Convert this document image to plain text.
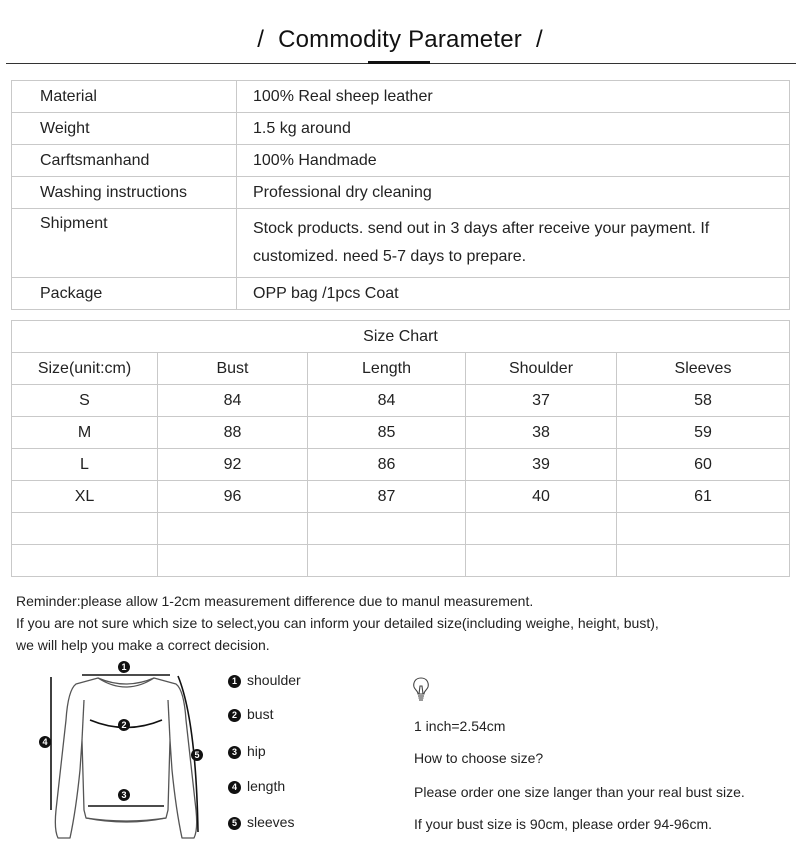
/ Commodity Parameter /
Material	100% Real sheep leather
Weight	1.5 kg around
Carftsmanhand	100% Handmade
Washing instructions	Professional dry cleaning
Shipment	Stock products. send out in 3 days after receive your payment. If
customized. need 5-7 days to prepare.

Package	OPP bag /1pcs Coat
Size Chart				
Size(unit:cm)	Bust	Length	Shoulder	Sleeves
S	84	84	37	58
M	88	85	38	59
L	92	86	39	60
XL	96	87	40	61

Reminder:please allow 1-2cm measurement difference due to manul measurement.

If you are not sure which size to select,you can inform your detailed size(including weighe, height, bust),

we will help you make a correct decision.

1
2
3
4
5
1 shoulder
2 bust
3 hip
4 length
5 sleeves
1 inch=2.54cm
How to choose size?
Please order one size langer than your real bust size.
If your bust size is 90cm, please order 94-96cm.
